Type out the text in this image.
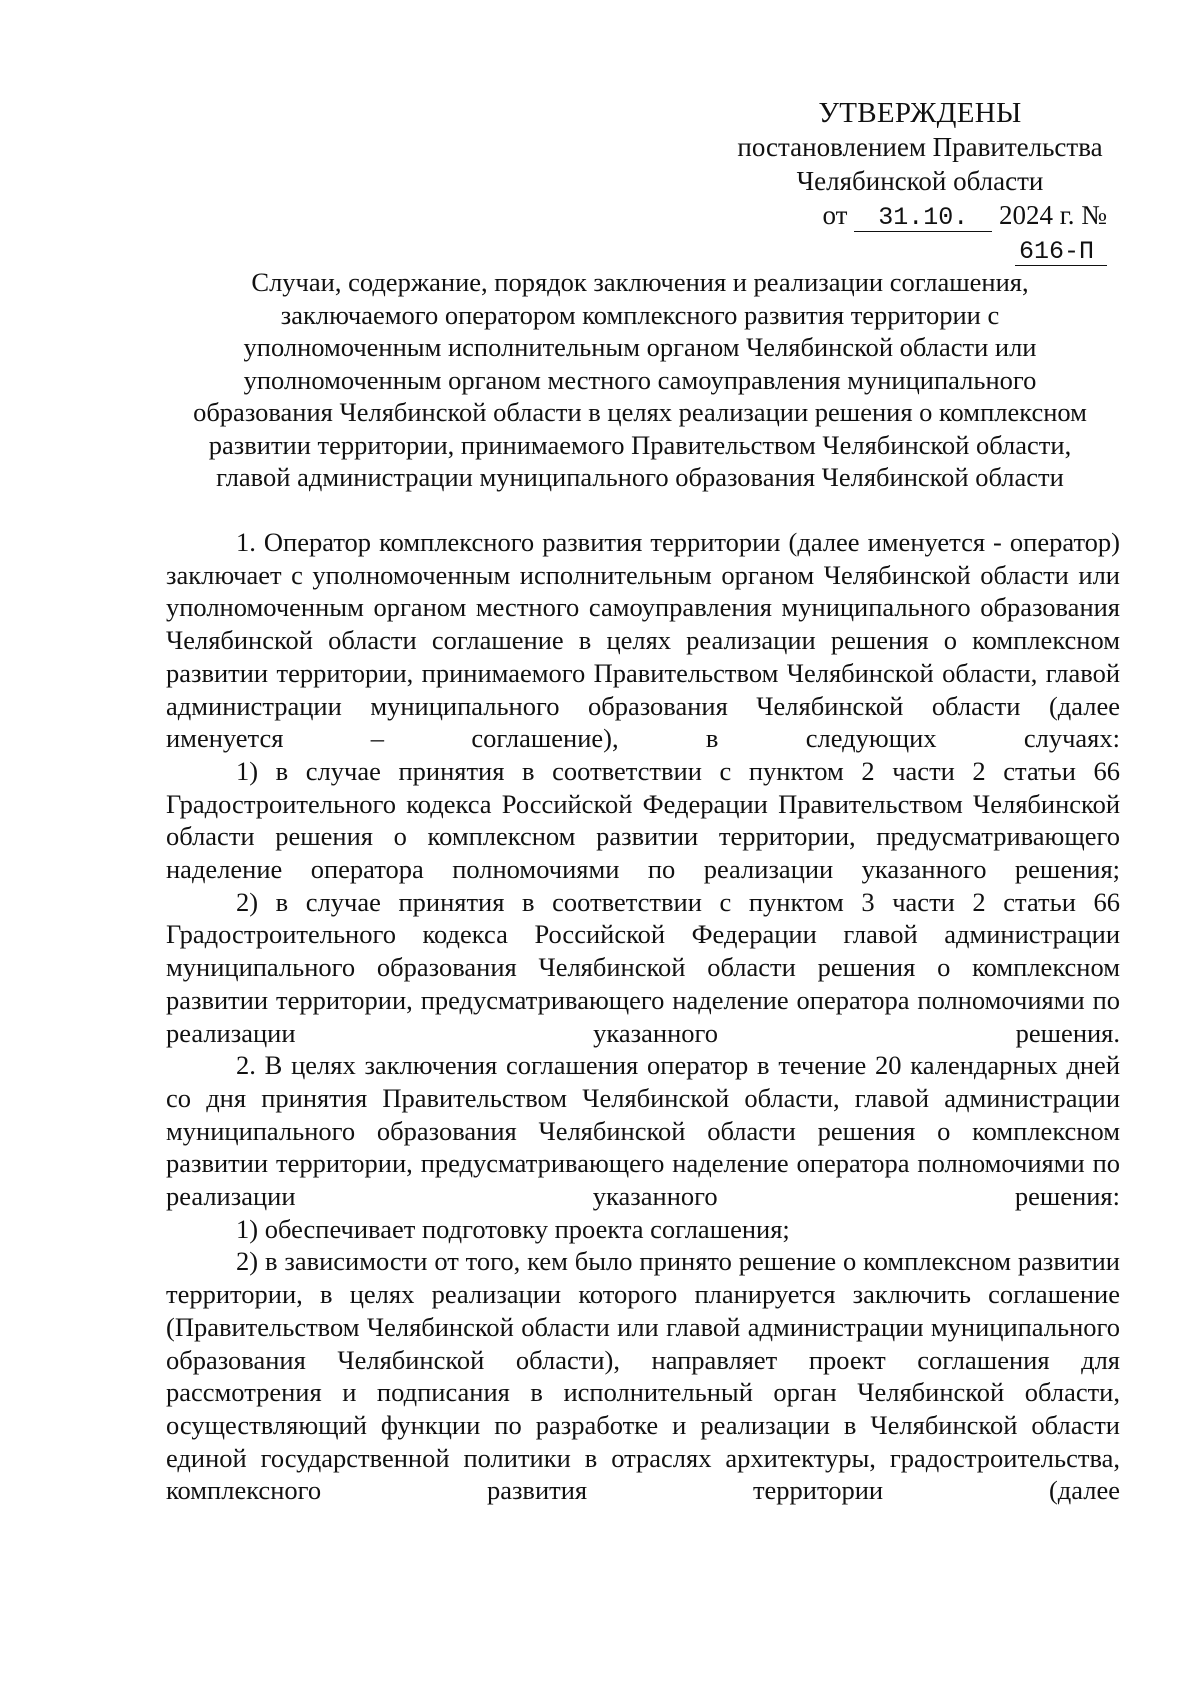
УТВЕРЖДЕНЫ
постановлением Правительства
Челябинской области
от 31.10. 2024 г. № 616-П
Случаи, содержание, порядок заключения и реализации соглашения,
заключаемого оператором комплексного развития территории с
уполномоченным исполнительным органом Челябинской области или
уполномоченным органом местного самоуправления муниципального
образования Челябинской области в целях реализации решения о комплексном
развитии территории, принимаемого Правительством Челябинской области,
главой администрации муниципального образования Челябинской области

1. Оператор комплексного развития территории (далее именуется - оператор) заключает с уполномоченным исполнительным органом Челябинской области или уполномоченным органом местного самоуправления муниципального образования Челябинской области соглашение в целях реализации решения о комплексном развитии территории, принимаемого Правительством Челябинской области, главой администрации муниципального образования Челябинской области (далее именуется – соглашение), в следующих случаях:

1) в случае принятия в соответствии с пунктом 2 части 2 статьи 66 Градостроительного кодекса Российской Федерации Правительством Челябинской области решения о комплексном развитии территории, предусматривающего наделение оператора полномочиями по реализации указанного решения;

2) в случае принятия в соответствии с пунктом 3 части 2 статьи 66 Градостроительного кодекса Российской Федерации главой администрации муниципального образования Челябинской области решения о комплексном развитии территории, предусматривающего наделение оператора полномочиями по реализации указанного решения.

2. В целях заключения соглашения оператор в течение 20 календарных дней со дня принятия Правительством Челябинской области, главой администрации муниципального образования Челябинской области решения о комплексном развитии территории, предусматривающего наделение оператора полномочиями по реализации указанного решения:

1) обеспечивает подготовку проекта соглашения;

2) в зависимости от того, кем было принято решение о комплексном развитии территории, в целях реализации которого планируется заключить соглашение (Правительством Челябинской области или главой администрации муниципального образования Челябинской области), направляет проект соглашения для рассмотрения и подписания в исполнительный орган Челябинской области, осуществляющий функции по разработке и реализации в Челябинской области единой государственной политики в отраслях архитектуры, градостроительства, комплексного развития территории (далее
